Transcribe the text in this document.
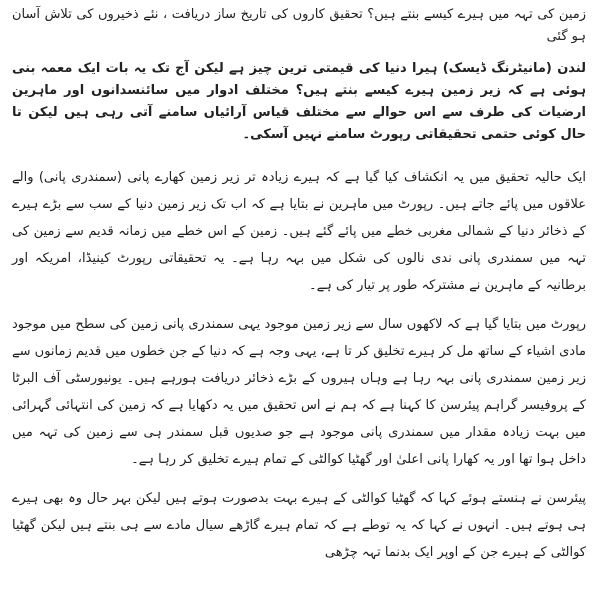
زمین کی تہہ میں ہیرے کیسے بنتے ہیں؟ تحقیق کاروں کی تاریخ ساز دریافت ، نئے ذخیروں کی تلاش آسان ہو گئی

لندن (مانیٹرنگ ڈیسک) ہیرا دنیا کی قیمتی ترین چیز ہے لیکن آج تک یہ بات ایک معمہ بنی ہوئی ہے کہ زیر زمین ہیرے کیسے بنتے ہیں؟ مختلف ادوار میں سائنسدانوں اور ماہرین ارضیات کی طرف سے اس حوالے سے مختلف قیاس آرائیاں سامنے آتی رہی ہیں لیکن تا حال کوئی حتمی تحقیقاتی رپورٹ سامنے نہیں آسکی۔

ایک حالیہ تحقیق میں یہ انکشاف کیا گیا ہے کہ ہیرے زیادہ تر زیر زمین کھارے پانی (سمندری پانی) والے علاقوں میں پائے جاتے ہیں۔ رپورٹ میں ماہرین نے بتایا ہے کہ اب تک زیر زمین دنیا کے سب سے بڑے ہیرے کے ذخائر دنیا کے شمالی مغربی خطے میں پائے گئے ہیں۔ زمین کے اس خطے میں زمانہ قدیم سے زمین کی تہہ میں سمندری پانی ندی نالوں کی شکل میں بہہ رہا ہے۔ یہ تحقیقاتی رپورٹ کینیڈا، امریکہ اور برطانیہ کے ماہرین نے مشترکہ طور پر تیار کی ہے۔

رپورٹ میں بتایا گیا ہے کہ لاکھوں سال سے زیر زمین موجود یہی سمندری پانی زمین کی سطح میں موجود مادی اشیاء کے ساتھ مل کر ہیرے تخلیق کر تا ہے، یہی وجہ ہے کہ دنیا کے جن خطوں میں قدیم زمانوں سے زیر زمین سمندری پانی بہہ رہا ہے وہاں ہیروں کے بڑے ذخائر دریافت ہورہے ہیں۔ یونیورسٹی آف البرٹا کے پروفیسر گراہم پیئرسن کا کہنا ہے کہ ہم نے اس تحقیق میں یہ دکھایا ہے کہ زمین کی انتہائی گہرائی میں بہت زیادہ مقدار میں سمندری پانی موجود ہے جو صدیوں قبل سمندر ہی سے زمین کی تہہ میں داخل ہوا تھا اور یہ کھارا پانی اعلیٰ اور گھٹیا کوالٹی کے تمام ہیرے تخلیق کر رہا ہے۔

پیئرسن نے ہنستے ہوئے کہا کہ گھٹیا کوالٹی کے ہیرے بہت بدصورت ہوتے ہیں لیکن بہر حال وہ بھی ہیرے ہی ہوتے ہیں۔ انہوں نے کہا کہ یہ توطے ہے کہ تمام ہیرے گاڑھے سیال مادے سے ہی بنتے ہیں لیکن گھٹیا کوالٹی کے ہیرے جن کے اوپر ایک بدنما تہہ چڑھی
